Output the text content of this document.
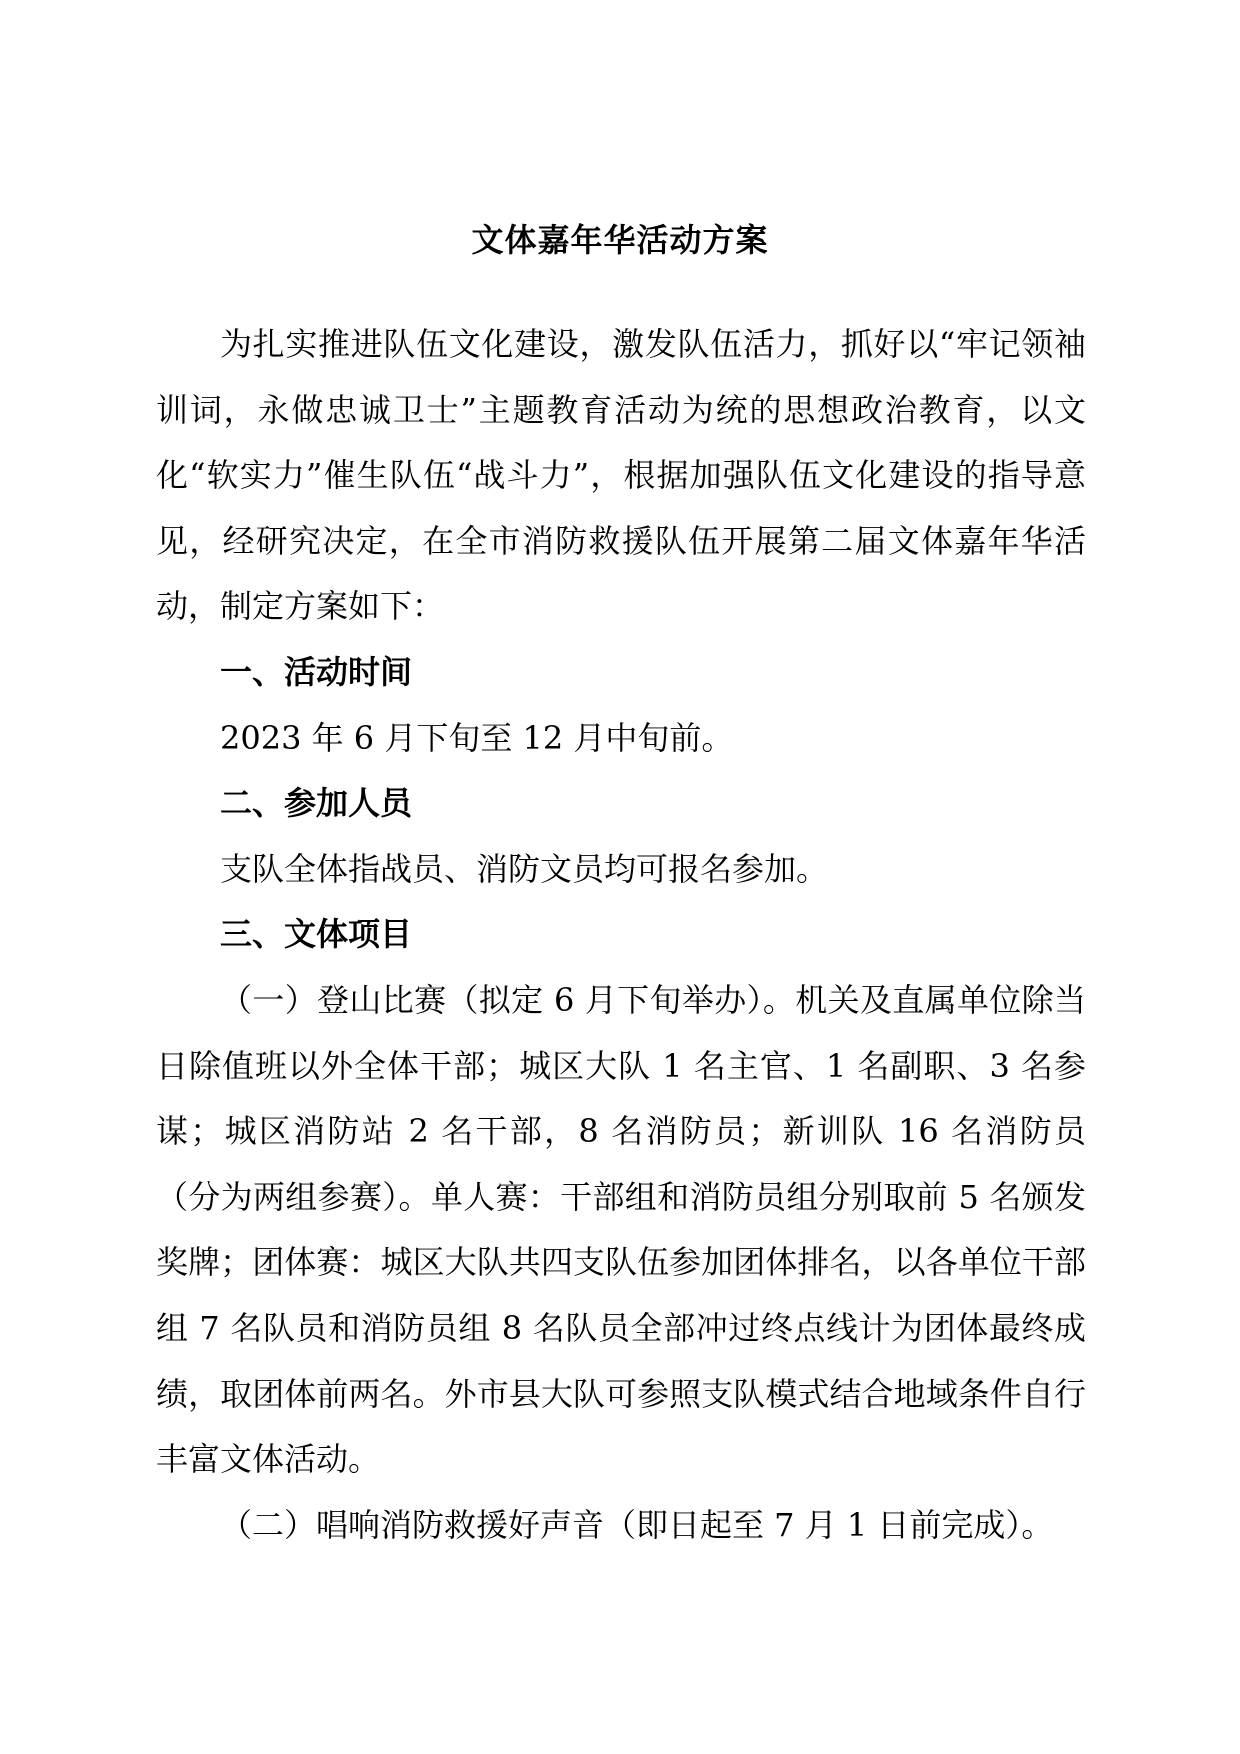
文体嘉年华活动方案

为扎实推进队伍文化建设，激发队伍活力，抓好以“牢记领袖训词，永做忠诚卫士”主题教育活动为统的思想政治教育，以文化“软实力”催生队伍“战斗力”，根据加强队伍文化建设的指导意见，经研究决定，在全市消防救援队伍开展第二届文体嘉年华活动，制定方案如下：

一、活动时间

2023 年 6 月下旬至 12 月中旬前。

二、参加人员

支队全体指战员、消防文员均可报名参加。

三、文体项目

（一）登山比赛（拟定 6 月下旬举办）。机关及直属单位除当日除值班以外全体干部；城区大队 1 名主官、1 名副职、3 名参谋；城区消防站 2 名干部，8 名消防员；新训队 16 名消防员（分为两组参赛）。单人赛：干部组和消防员组分别取前 5 名颁发奖牌；团体赛：城区大队共四支队伍参加团体排名，以各单位干部组 7 名队员和消防员组 8 名队员全部冲过终点线计为团体最终成绩，取团体前两名。外市县大队可参照支队模式结合地域条件自行丰富文体活动。

（二）唱响消防救援好声音（即日起至 7 月 1 日前完成）。
